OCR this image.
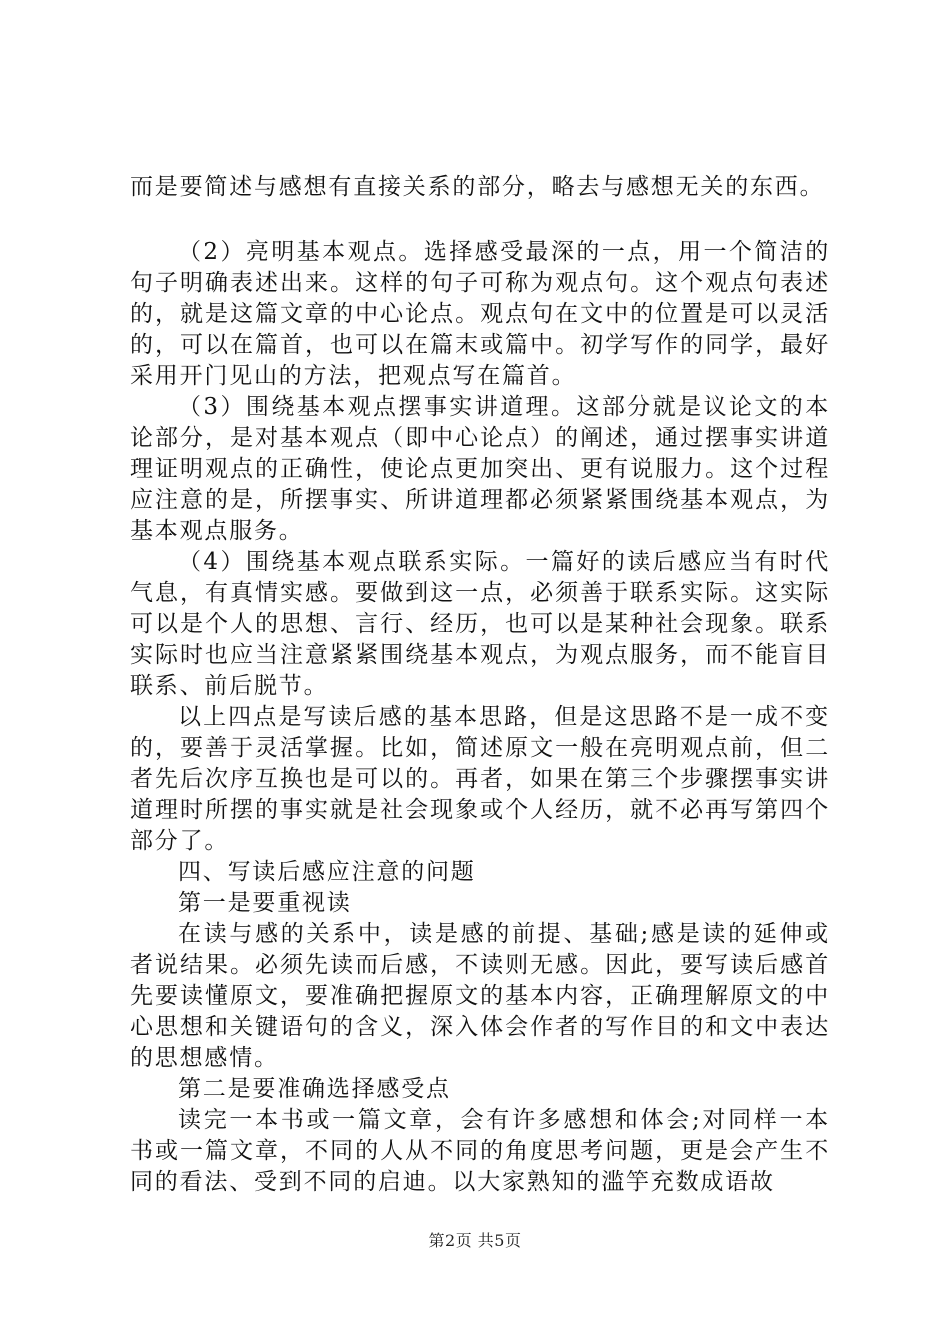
而是要简述与感想有直接关系的部分，略去与感想无关的东西。

（2）亮明基本观点。选择感受最深的一点，用一个简洁的句子明确表述出来。这样的句子可称为观点句。这个观点句表述的，就是这篇文章的中心论点。观点句在文中的位置是可以灵活的，可以在篇首，也可以在篇末或篇中。初学写作的同学，最好采用开门见山的方法，把观点写在篇首。

（3）围绕基本观点摆事实讲道理。这部分就是议论文的本论部分，是对基本观点（即中心论点）的阐述，通过摆事实讲道理证明观点的正确性，使论点更加突出、更有说服力。这个过程应注意的是，所摆事实、所讲道理都必须紧紧围绕基本观点，为基本观点服务。

（4）围绕基本观点联系实际。一篇好的读后感应当有时代气息，有真情实感。要做到这一点，必须善于联系实际。这实际可以是个人的思想、言行、经历，也可以是某种社会现象。联系实际时也应当注意紧紧围绕基本观点，为观点服务，而不能盲目联系、前后脱节。

以上四点是写读后感的基本思路，但是这思路不是一成不变的，要善于灵活掌握。比如，简述原文一般在亮明观点前，但二者先后次序互换也是可以的。再者，如果在第三个步骤摆事实讲道理时所摆的事实就是社会现象或个人经历，就不必再写第四个部分了。

四、写读后感应注意的问题

第一是要重视读

在读与感的关系中，读是感的前提、基础;感是读的延伸或者说结果。必须先读而后感，不读则无感。因此，要写读后感首先要读懂原文，要准确把握原文的基本内容，正确理解原文的中心思想和关键语句的含义，深入体会作者的写作目的和文中表达的思想感情。

第二是要准确选择感受点

读完一本书或一篇文章，会有许多感想和体会;对同样一本书或一篇文章，不同的人从不同的角度思考问题，更是会产生不同的看法、受到不同的启迪。以大家熟知的滥竽充数成语故

第2页 共5页
